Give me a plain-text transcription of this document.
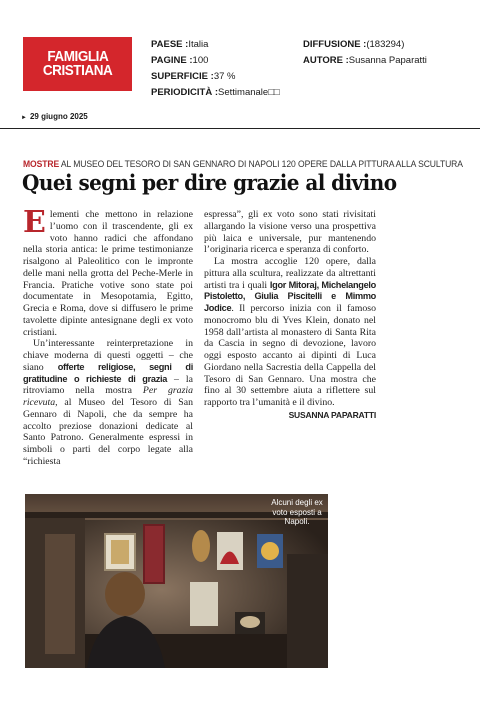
FAMIGLIA
CRISTIANA
PAESE :Italia
PAGINE :100
SUPERFICIE :37 %
PERIODICITÀ :Settimanale□□
DIFFUSIONE :(183294)
AUTORE :Susanna Paparatti
► 29 giugno 2025
MOSTRE AL MUSEO DEL TESORO DI SAN GENNARO DI NAPOLI 120 OPERE DALLA PITTURA ALLA SCULTURA
Quei segni per dire grazie al divino

Elementi che mettono in relazione l’uomo con il trascendente, gli ex voto hanno radici che affondano nella storia antica: le prime testimonianze risalgono al Paleolitico con le impronte delle mani nella grotta del Peche-Merle in Francia. Pratiche votive sono state poi documentate in Mesopotamia, Egitto, Grecia e Roma, dove si diffusero le prime tavolette dipinte antesignane degli ex voto cristiani.

Un’interessante reinterpretazione in chiave moderna di questi oggetti – che siano offerte religiose, segni di gratitudine o richieste di grazia – la ritroviamo nella mostra Per grazia ricevuta, al Museo del Tesoro di San Gennaro di Napoli, che da sempre ha accolto preziose donazioni dedicate al Santo Patrono. Generalmente espressi in simboli o parti del corpo legate alla “richiesta

espressa”, gli ex voto sono stati rivisitati allargando la visione verso una prospettiva più laica e universale, pur mantenendo l’originaria ricerca e speranza di conforto.

La mostra accoglie 120 opere, dalla pittura alla scultura, realizzate da altrettanti artisti tra i quali Igor Mitoraj, Michelangelo Pistoletto, Giulia Piscitelli e Mimmo Jodice. Il percorso inizia con il famoso monocromo blu di Yves Klein, donato nel 1958 dall’artista al monastero di Santa Rita da Cascia in segno di devozione, lavoro oggi esposto accanto ai dipinti di Luca Giordano nella Sacrestia della Cappella del Tesoro di San Gennaro. Una mostra che fino al 30 settembre aiuta a riflettere sul rapporto tra l’umanità e il divino.

SUSANNA PAPARATTI
Alcuni degli ex voto esposti a Napoli.
